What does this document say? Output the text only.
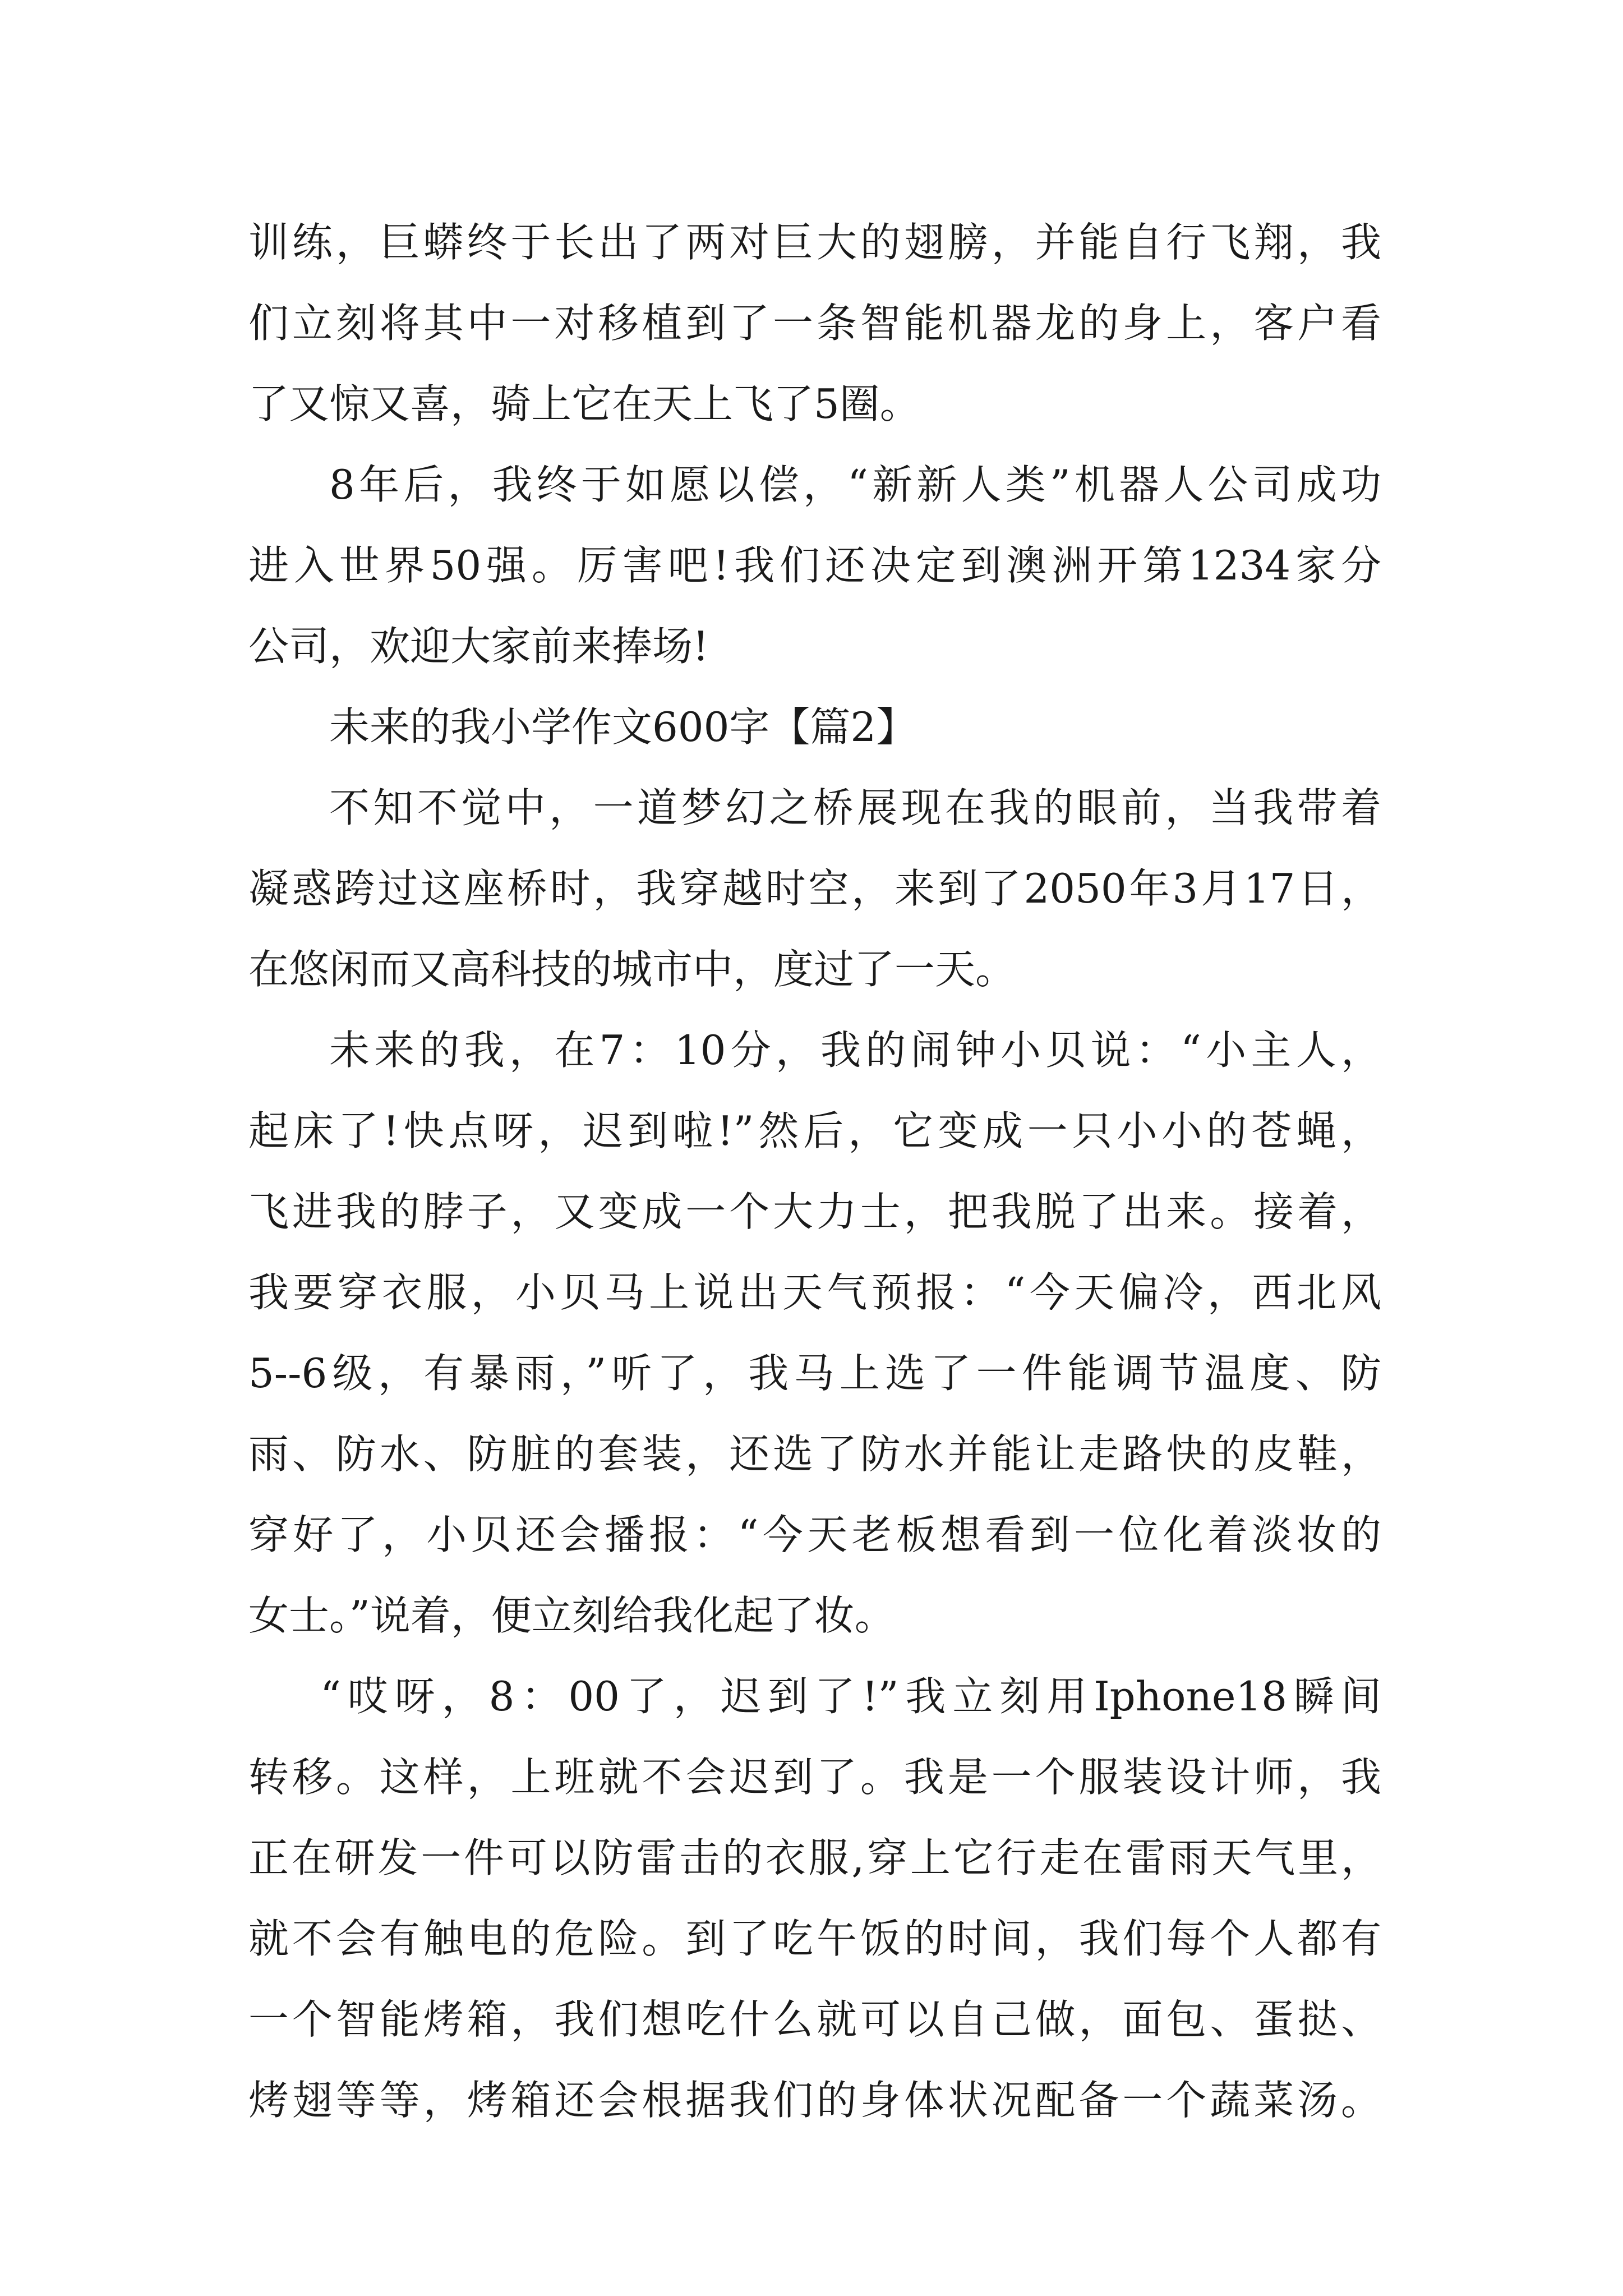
训练，巨蟒终于长出了两对巨大的翅膀，并能自行飞翔，我
们立刻将其中一对移植到了一条智能机器龙的身上，客户看
了又惊又喜，骑上它在天上飞了5圈。
8年后，我终于如愿以偿，“新新人类”机器人公司成功
进入世界50强。厉害吧!我们还决定到澳洲开第1234家分
公司，欢迎大家前来捧场!
未来的我小学作文600字【篇2】
不知不觉中，一道梦幻之桥展现在我的眼前，当我带着
凝惑跨过这座桥时，我穿越时空，来到了2050年3月17日，
在悠闲而又高科技的城市中，度过了一天。
未来的我，在7：10分，我的闹钟小贝说：“小主人，
起床了!快点呀，迟到啦!”然后，它变成一只小小的苍蝇，
飞进我的脖子，又变成一个大力士，把我脱了出来。接着，
我要穿衣服，小贝马上说出天气预报：“今天偏冷，西北风
5--6级，有暴雨，”听了，我马上选了一件能调节温度、防
雨、防水、防脏的套装，还选了防水并能让走路快的皮鞋，
穿好了，小贝还会播报：“今天老板想看到一位化着淡妆的
女士。”说着，便立刻给我化起了妆。
“哎呀，8：00了，迟到了!”我立刻用Iphone18瞬间
转移。这样，上班就不会迟到了。我是一个服装设计师，我
正在研发一件可以防雷击的衣服,穿上它行走在雷雨天气里，
就不会有触电的危险。到了吃午饭的时间，我们每个人都有
一个智能烤箱，我们想吃什么就可以自己做，面包、蛋挞、
烤翅等等，烤箱还会根据我们的身体状况配备一个蔬菜汤。
